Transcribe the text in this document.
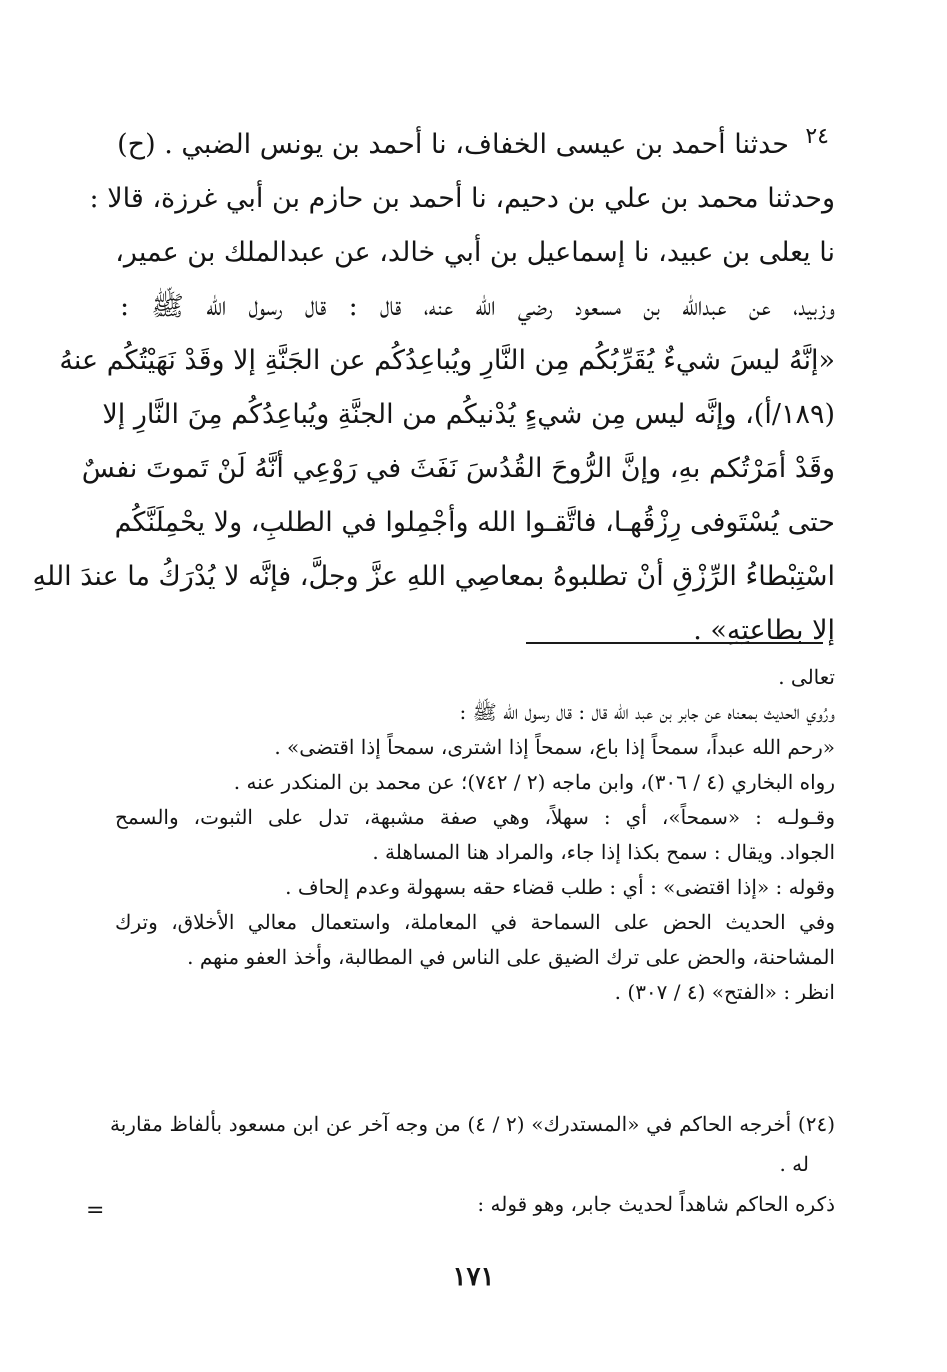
٢٤
حدثنا أحمد بن عيسى الخفاف، نا أحمد بن يونس الضبي . (ح)
وحدثنا محمد بن علي بن دحيم، نا أحمد بن حازم بن أبي غرزة، قالا :
نا يعلى بن عبيد، نا إسماعيل بن أبي خالد، عن عبدالملك بن عمير،
وزبيد، عن عبدالله بن مسعود رضي الله عنه، قال : قال رسول الله ﷺ :
«إنَّهُ ليسَ شيءٌ يُقَرِّبُكُم مِن النَّارِ ويُباعِدُكُم عن الجَنَّةِ إلا وقَدْ نَهَيْتُكُم عنهُ
(١٨٩/أ)، وإنَّه ليس مِن شيءٍ يُدْنيكُم من الجنَّةِ ويُباعِدُكُم مِنَ النَّارِ إلا
وقَدْ أمَرْتُكم بهِ، وإنَّ الرُّوحَ القُدُسَ نَفَثَ في رَوْعِي أنَّهُ لَنْ تَموتَ نفسٌ
حتى يُسْتَوفى رِزْقُهـا، فاتَّقـوا الله وأجْمِلوا في الطلبِ، ولا يحْمِلَنَّكُم
اسْتِبْطاءُ الرِّزْقِ أنْ تطلبوهُ بمعاصِي اللهِ عزَّ وجلَّ، فإنَّه لا يُدْرَكُ ما عندَ اللهِ
إلا بطاعتِهِ» .
تعالى .
ورُوي الحديث بمعناه عن جابر بن عبد الله قال : قال رسول الله ﷺ :
«رحم الله عبداً، سمحاً إذا باع، سمحاً إذا اشترى، سمحاً إذا اقتضى» .
رواه البخاري (٤ / ٣٠٦)، وابن ماجه (٢ / ٧٤٢)؛ عن محمد بن المنكدر عنه .
وقـولـه : «سمحاً»، أي : سهلاً، وهي صفة مشبهة، تدل على الثبوت، والسمح
الجواد. ويقال : سمح بكذا إذا جاء، والمراد هنا المساهلة .
وقوله : «إذا اقتضى» : أي : طلب قضاء حقه بسهولة وعدم إلحاف .
وفي الحديث الحض على السماحة في المعاملة، واستعمال معالي الأخلاق، وترك
المشاحنة، والحض على ترك الضيق على الناس في المطالبة، وأخذ العفو منهم .
انظر : «الفتح» (٤ / ٣٠٧) .
(٢٤) أخرجه الحاكم في «المستدرك» (٢ / ٤) من وجه آخر عن ابن مسعود بألفاظ مقاربة
له .
ذكره الحاكم شاهداً لحديث جابر، وهو قوله :
=
١٧١
